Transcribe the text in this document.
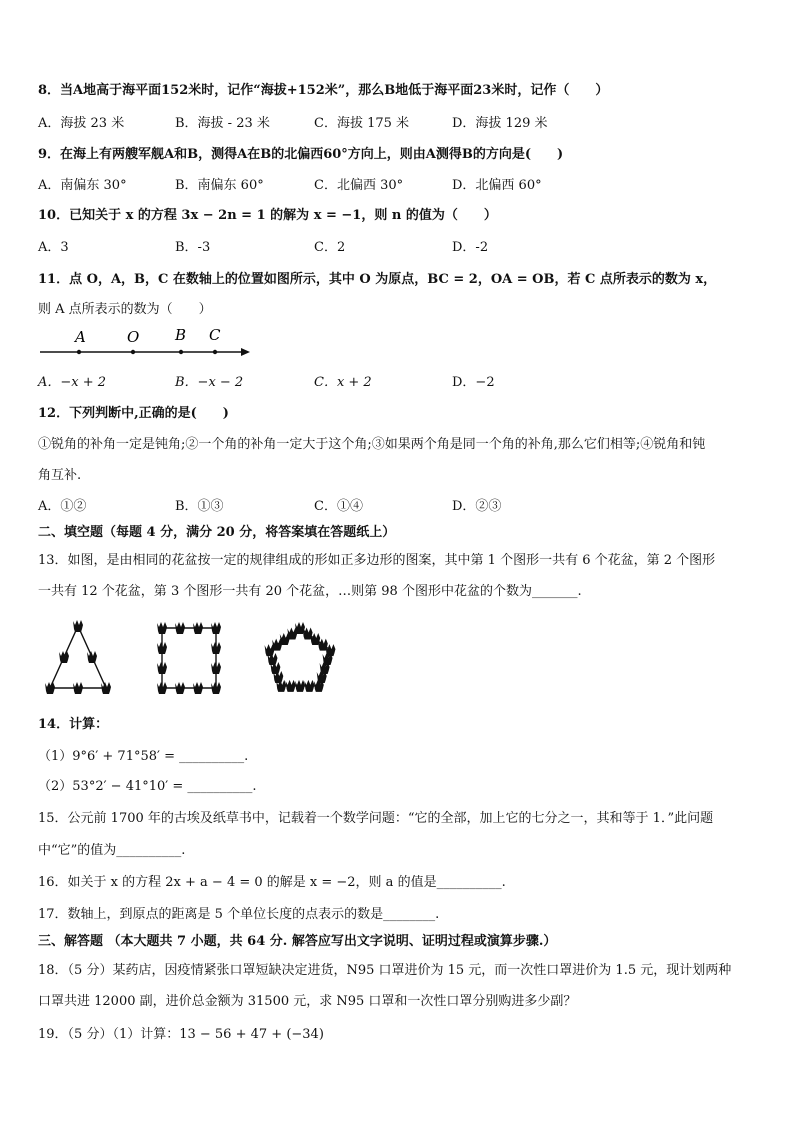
8．当A地高于海平面152米时，记作“海拔+152米”，那么B地低于海平面23米时，记作（　　）
A．海拔 23 米	B．海拔 - 23 米	C．海拔 175 米	D．海拔 129 米
9．在海上有两艘军舰A和B，测得A在B的北偏西60°方向上，则由A测得B的方向是(　　)
A．南偏东 30°	B．南偏东 60°	C．北偏西 30°	D．北偏西 60°
10．已知关于 x 的方程 3x − 2n = 1 的解为 x = −1，则 n 的值为（　　）
A．3	B．-3	C．2	D．-2
11．点 O，A，B，C 在数轴上的位置如图所示，其中 O 为原点，BC = 2，OA = OB，若 C 点所表示的数为 x，
则 A 点所表示的数为（　　）
A	O B C
A．−x + 2	B．−x − 2	C．x + 2	D．−2
12．下列判断中,正确的是(　　)
①锐角的补角一定是钝角;②一个角的补角一定大于这个角;③如果两个角是同一个角的补角,那么它们相等;④锐角和钝
角互补.
A．①②	B．①③	C．①④	D．②③
二、填空题（每题 4 分，满分 20 分，将答案填在答题纸上）
13．如图，是由相同的花盆按一定的规律组成的形如正多边形的图案，其中第 1 个图形一共有 6 个花盆，第 2 个图形
一共有 12 个花盆，第 3 个图形一共有 20 个花盆，…则第 98 个图形中花盆的个数为_______.
14．计算：
（1）9°6′ + 71°58′ = __________.
（2）53°2′ − 41°10′ = __________.
15．公元前 1700 年的古埃及纸草书中，记载着一个数学问题：“它的全部，加上它的七分之一，其和等于 1．”此问题
中“它”的值为__________.
16．如关于 x 的方程 2x + a − 4 = 0 的解是 x = −2，则 a 的值是__________.
17．数轴上，到原点的距离是 5 个单位长度的点表示的数是________.
三、解答题 （本大题共 7 小题，共 64 分. 解答应写出文字说明、证明过程或演算步骤.）
18．（5 分）某药店，因疫情紧张口罩短缺决定进货，N95 口罩进价为 15 元，而一次性口罩进价为 1.5 元，现计划两种
口罩共进 12000 副，进价总金额为 31500 元，求 N95 口罩和一次性口罩分别购进多少副？
19．（5 分）（1）计算：13 − 56 + 47 + (−34)
